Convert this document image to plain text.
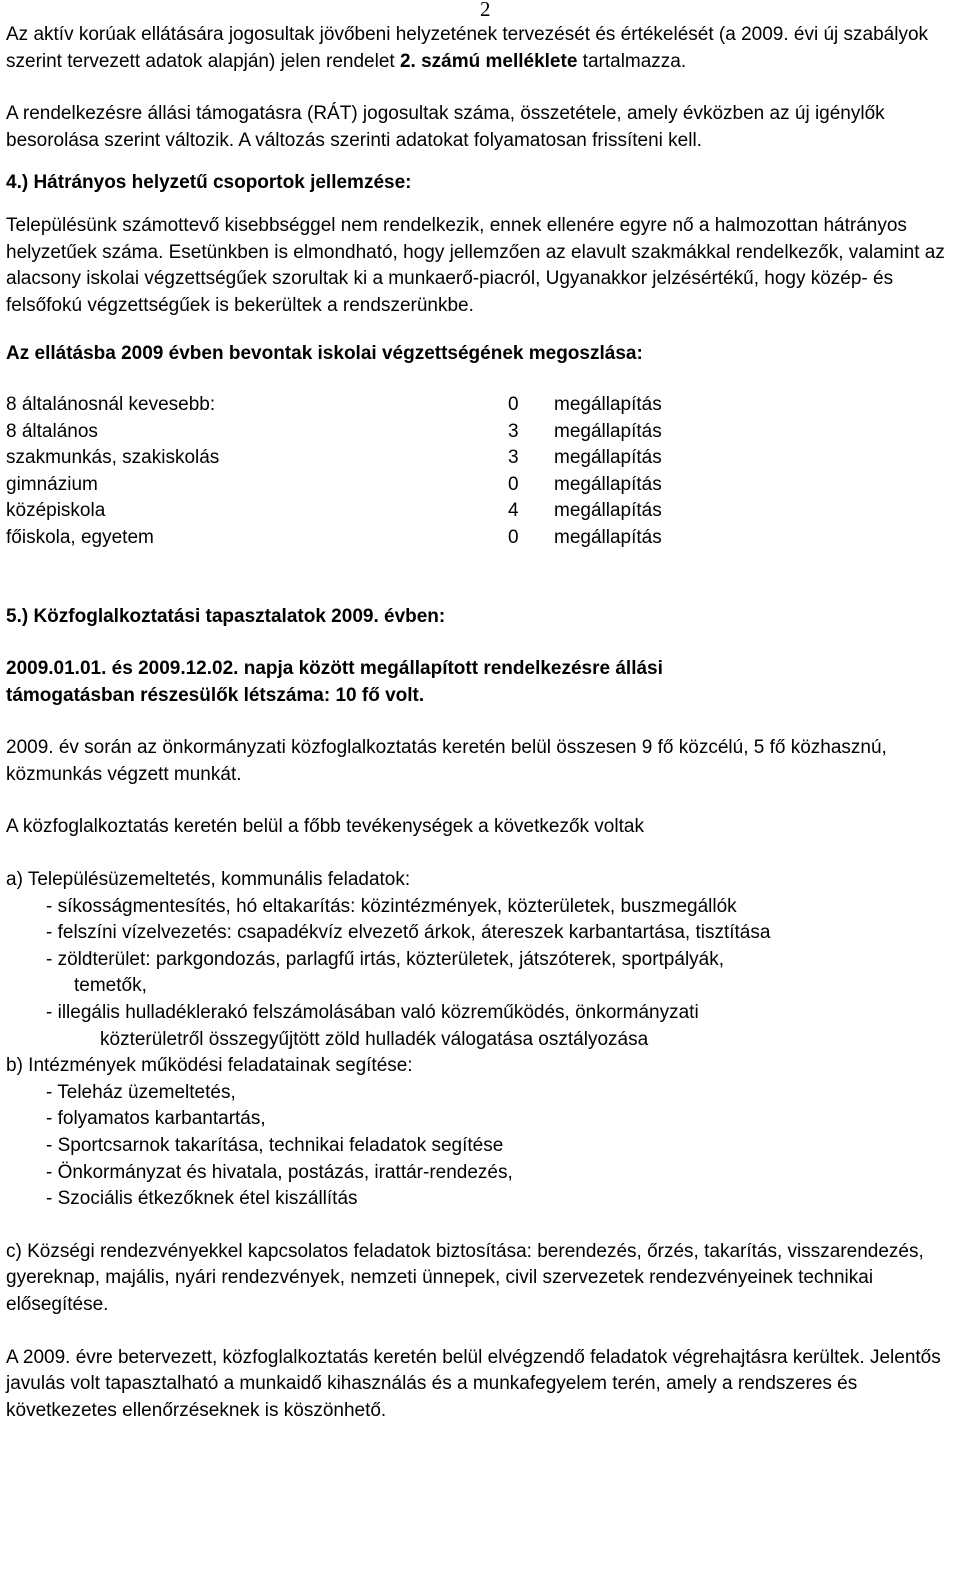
2

Az aktív korúak ellátására jogosultak jövőbeni helyzetének tervezését és értékelését (a 2009. évi új szabályok szerint tervezett adatok alapján) jelen rendelet 2. számú melléklete tartalmazza.

A rendelkezésre állási támogatásra (RÁT) jogosultak száma, összetétele, amely évközben az új igénylők besorolása szerint változik. A változás szerinti adatokat folyamatosan frissíteni kell.

4.) Hátrányos helyzetű csoportok jellemzése:

Településünk számottevő kisebbséggel nem rendelkezik, ennek ellenére egyre nő a halmozottan hátrányos helyzetűek száma. Esetünkben is elmondható, hogy jellemzően az elavult szakmákkal rendelkezők, valamint az alacsony iskolai végzettségűek szorultak ki a munkaerő-piacról, Ugyanakkor jelzésértékű, hogy közép- és felsőfokú végzettségűek is bekerültek a rendszerünkbe.

Az ellátásba 2009 évben bevontak iskolai végzettségének megoszlása:

8 általánosnál kevesebb:	0	megállapítás
8 általános	3	megállapítás
szakmunkás, szakiskolás	3	megállapítás
gimnázium	0	megállapítás
középiskola	4	megállapítás
főiskola, egyetem	0	megállapítás

5.) Közfoglalkoztatási tapasztalatok 2009. évben:

2009.01.01. és 2009.12.02. napja között megállapított rendelkezésre állási

támogatásban részesülők létszáma: 10 fő volt.

2009. év során az önkormányzati közfoglalkoztatás keretén belül összesen 9 fő közcélú, 5 fő közhasznú, közmunkás végzett munkát.

A közfoglalkoztatás keretén belül a főbb tevékenységek a következők voltak

a) Településüzemeltetés, kommunális feladatok:

- síkosságmentesítés, hó eltakarítás: közintézmények, közterületek, buszmegállók
- felszíni vízelvezetés: csapadékvíz elvezető árkok, átereszek karbantartása, tisztítása
- zöldterület: parkgondozás, parlagfű irtás, közterületek, játszóterek, sportpályák,
temetők,
- illegális hulladéklerakó felszámolásában való közreműködés, önkormányzati
közterületről összegyűjtött zöld hulladék válogatása osztályozása

b) Intézmények működési feladatainak segítése:

- Teleház üzemeltetés,
- folyamatos karbantartás,
- Sportcsarnok takarítása, technikai feladatok segítése
- Önkormányzat és hivatala, postázás, irattár-rendezés,
- Szociális étkezőknek étel kiszállítás

c) Községi rendezvényekkel kapcsolatos feladatok biztosítása: berendezés, őrzés, takarítás, visszarendezés, gyereknap, majális, nyári rendezvények, nemzeti ünnepek, civil szervezetek rendezvényeinek technikai elősegítése.

A 2009. évre betervezett, közfoglalkoztatás keretén belül elvégzendő feladatok végrehajtásra kerültek. Jelentős javulás volt tapasztalható a munkaidő kihasználás és a munkafegyelem terén, amely a rendszeres és következetes ellenőrzéseknek is köszönhető.
